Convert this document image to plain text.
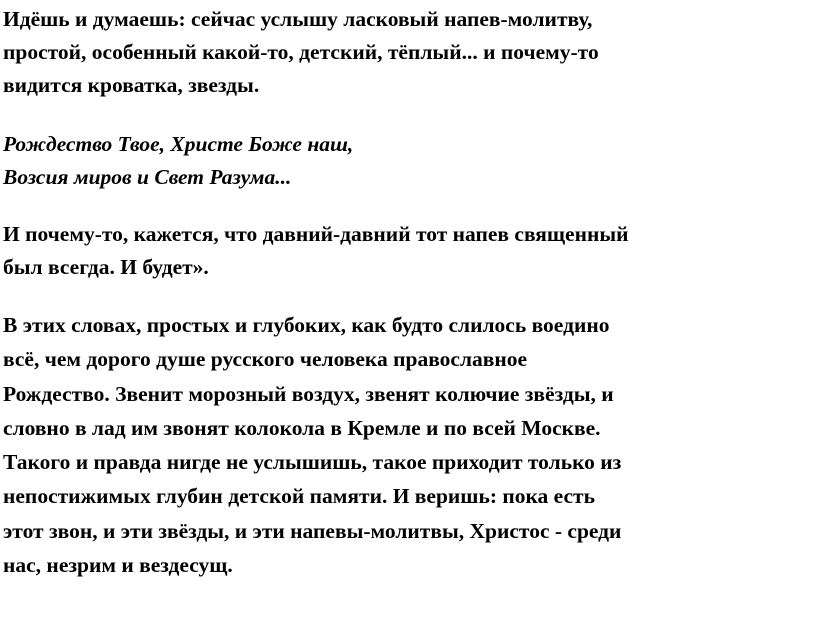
Идёшь и думаешь: сейчас услышу ласковый напев-молитву,
простой, особенный какой-то, детский, тёплый... и почему-то
видится кроватка, звезды.
Рождество Твое, Христе Боже наш,
Возсия миров и Свет Разума...
И почему-то, кажется, что давний-давний тот напев священный
был всегда. И будет».
В этих словах, простых и глубоких, как будто слилось воедино
всё, чем дорого душе русского человека православное
Рождество. Звенит морозный воздух, звенят колючие звёзды, и
словно в лад им звонят колокола в Кремле и по всей Москве.
Такого и правда нигде не услышишь, такое приходит только из
непостижимых глубин детской памяти. И веришь: пока есть
этот звон, и эти звёзды, и эти напевы-молитвы, Христос - среди
нас, незрим и вездесущ.
